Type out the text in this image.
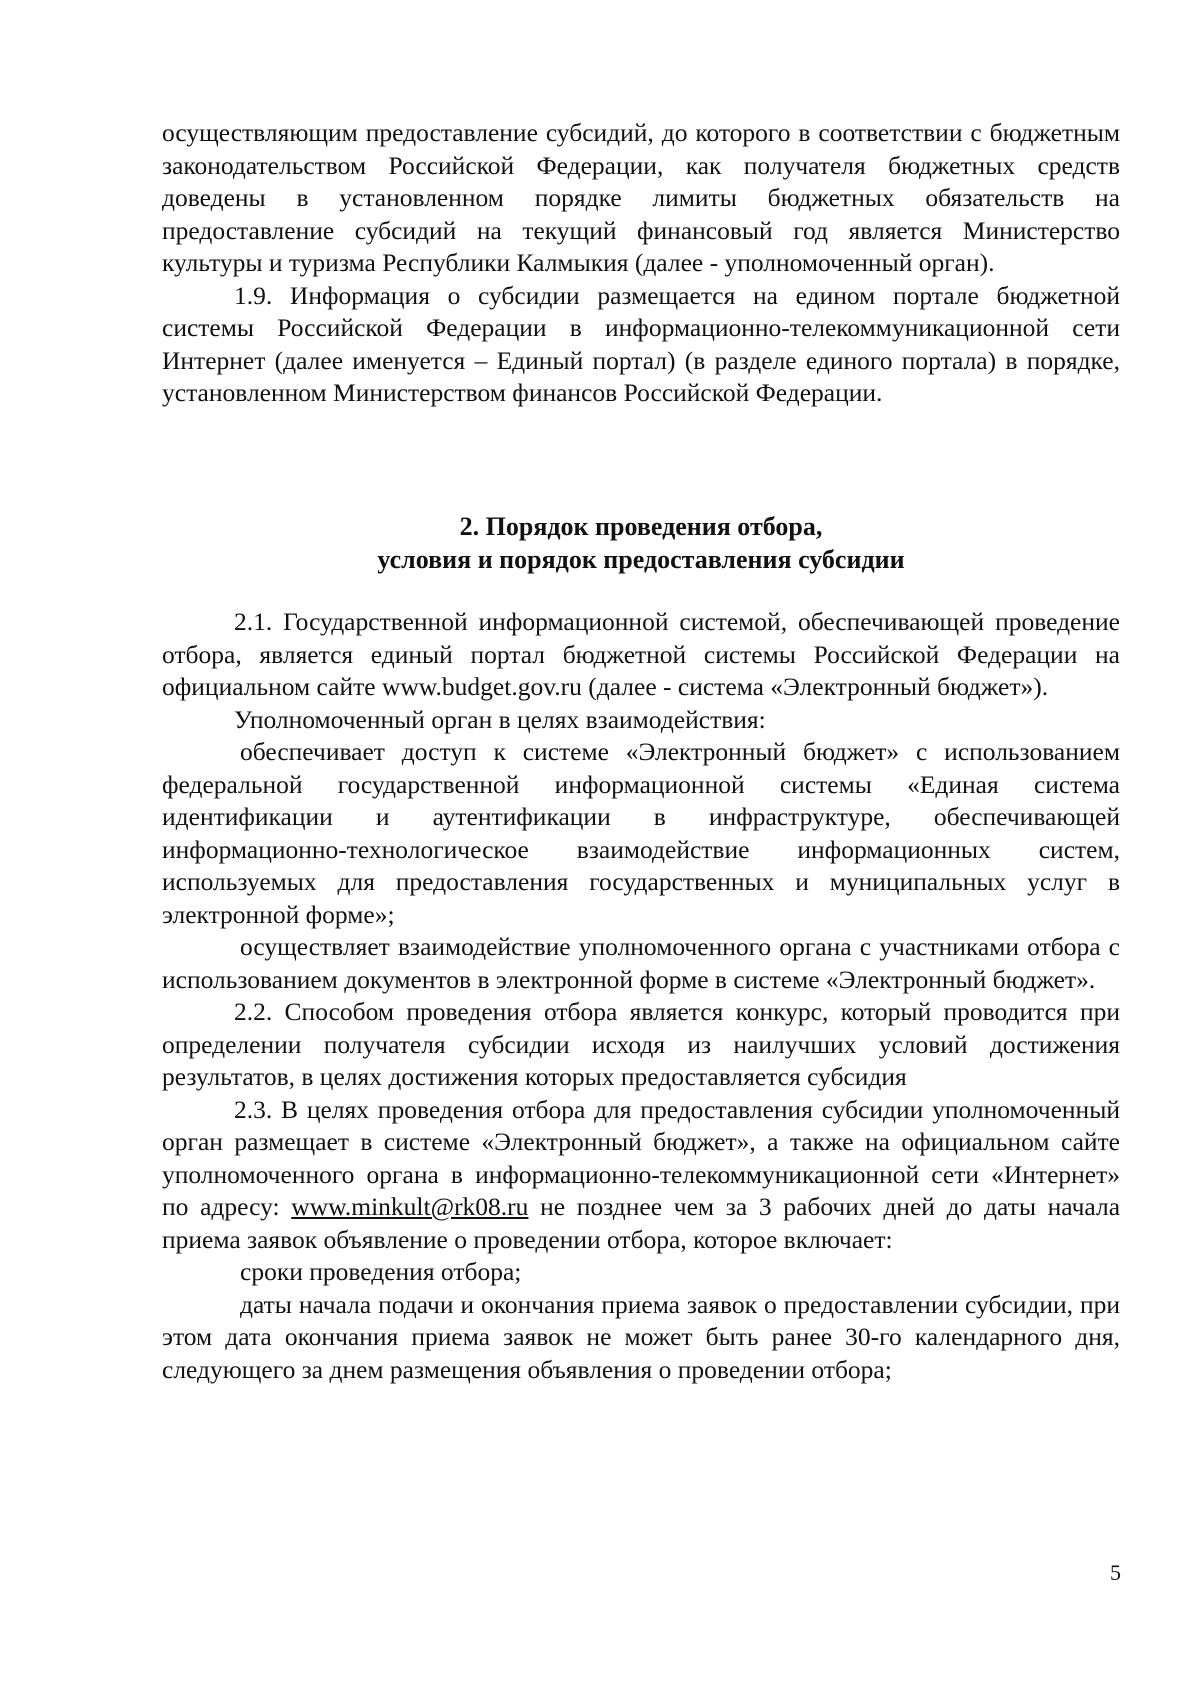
осуществляющим предоставление субсидий, до которого в соответствии с бюджетным законодательством Российской Федерации, как получателя бюджетных средств доведены в установленном порядке лимиты бюджетных обязательств на предоставление субсидий на текущий финансовый год является Министерство культуры и туризма Республики Калмыкия (далее - уполномоченный орган).

1.9. Информация о субсидии размещается на едином портале бюджетной системы Российской Федерации в информационно-телекоммуникационной сети Интернет (далее именуется – Единый портал) (в разделе единого портала) в порядке, установленном Министерством финансов Российской Федерации.

2. Порядок проведения отбора,
условия и порядок предоставления субсидии

2.1. Государственной информационной системой, обеспечивающей проведение отбора, является единый портал бюджетной системы Российской Федерации на официальном сайте www.budget.gov.ru (далее - система «Электронный бюджет»).

Уполномоченный орган в целях взаимодействия:

обеспечивает доступ к системе «Электронный бюджет» с использованием федеральной государственной информационной системы «Единая система идентификации и аутентификации в инфраструктуре, обеспечивающей информационно-технологическое взаимодействие информационных систем, используемых для предоставления государственных и муниципальных услуг в электронной форме»;

осуществляет взаимодействие уполномоченного органа с участниками отбора с использованием документов в электронной форме в системе «Электронный бюджет».

2.2. Способом проведения отбора является конкурс, который проводится при определении получателя субсидии исходя из наилучших условий достижения результатов, в целях достижения которых предоставляется субсидия

2.3. В целях проведения отбора для предоставления субсидии уполномоченный орган размещает в системе «Электронный бюджет», а также на официальном сайте уполномоченного органа в информационно-телекоммуникационной сети «Интернет» по адресу: www.minkult@rk08.ru не позднее чем за 3 рабочих дней до даты начала приема заявок объявление о проведении отбора, которое включает:

сроки проведения отбора;

даты начала подачи и окончания приема заявок о предоставлении субсидии, при этом дата окончания приема заявок не может быть ранее 30-го календарного дня, следующего за днем размещения объявления о проведении отбора;

5
